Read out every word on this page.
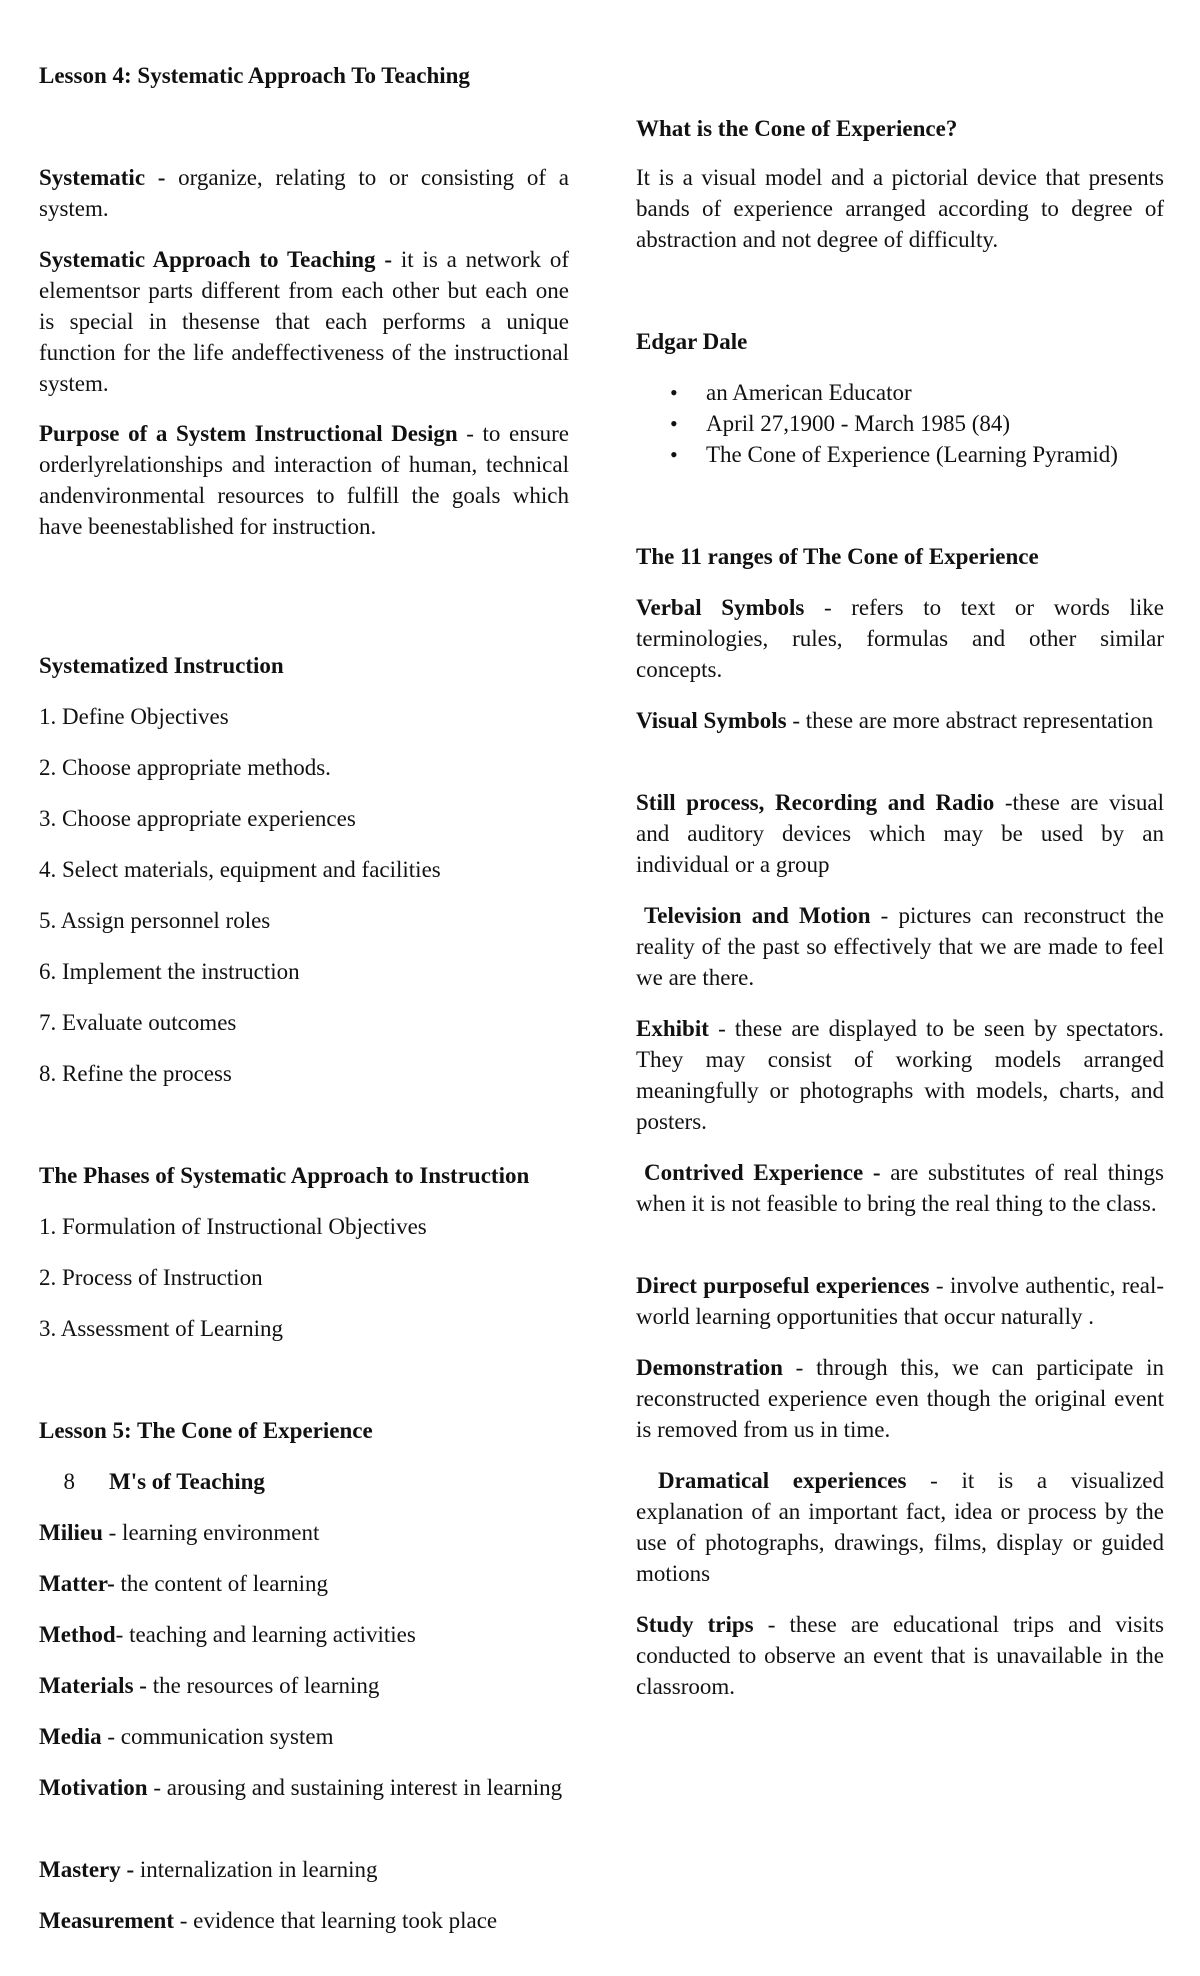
Lesson 4: Systematic Approach To Teaching
Systematic - organize, relating to or consisting of a system.
Systematic Approach to Teaching - it is a network of elementsor parts different from each other but each one is special in thesense that each performs a unique function for the life andeffectiveness of the instructional system.
Purpose of a System Instructional Design - to ensure orderlyrelationships and interaction of human, technical andenvironmental resources to fulfill the goals which have beenestablished for instruction.
Systematized Instruction
1. Define Objectives
2. Choose appropriate methods.
3. Choose appropriate experiences
4. Select materials, equipment and facilities
5. Assign personnel roles
6. Implement the instruction
7. Evaluate outcomes
8. Refine the process
The Phases of Systematic Approach to Instruction
1. Formulation of Instructional Objectives
2. Process of Instruction
3. Assessment of Learning
Lesson 5: The Cone of Experience
8 M's of Teaching
Milieu - learning environment
Matter- the content of learning
Method- teaching and learning activities
Materials - the resources of learning
Media - communication system
Motivation - arousing and sustaining interest in learning
Mastery - internalization in learning
Measurement - evidence that learning took place
What is the Cone of Experience?
It is a visual model and a pictorial device that presents bands of experience arranged according to degree of abstraction and not degree of difficulty.
Edgar Dale
• an American Educator
• April 27,1900 - March 1985 (84)
• The Cone of Experience (Learning Pyramid)
The 11 ranges of The Cone of Experience
Verbal Symbols - refers to text or words like terminologies, rules, formulas and other similar concepts.
Visual Symbols - these are more abstract representation
Still process, Recording and Radio -these are visual and auditory devices which may be used by an individual or a group
Television and Motion - pictures can reconstruct the reality of the past so effectively that we are made to feel we are there.
Exhibit - these are displayed to be seen by spectators. They may consist of working models arranged meaningfully or photographs with models, charts, and posters.
Contrived Experience - are substitutes of real things when it is not feasible to bring the real thing to the class.
Direct purposeful experiences - involve authentic, real-world learning opportunities that occur naturally .
Demonstration - through this, we can participate in reconstructed experience even though the original event is removed from us in time.
Dramatical experiences - it is a visualized explanation of an important fact, idea or process by the use of photographs, drawings, films, display or guided motions
Study trips - these are educational trips and visits conducted to observe an event that is unavailable in the classroom.
